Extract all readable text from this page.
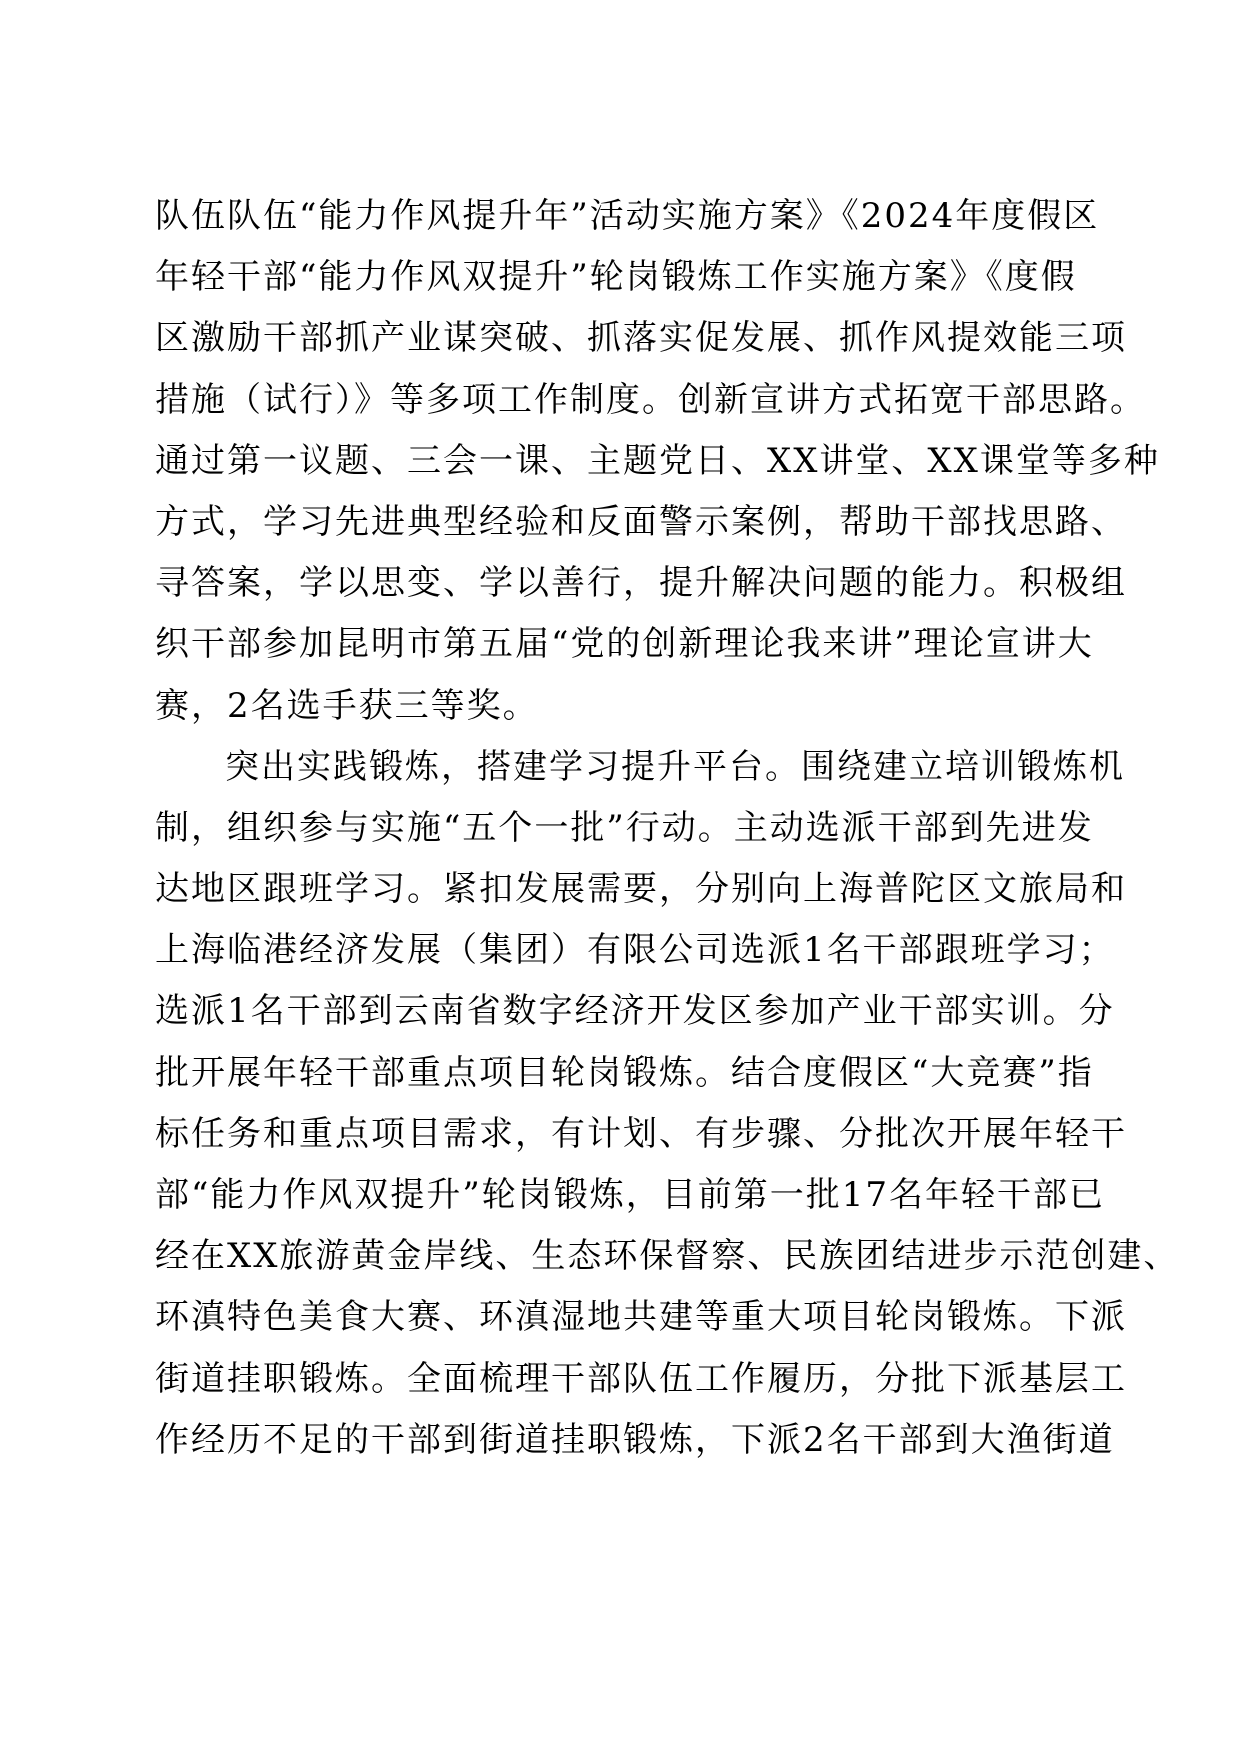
队伍队伍“能力作风提升年”活动实施方案》《2024年度假区
年轻干部“能力作风双提升”轮岗锻炼工作实施方案》《度假
区激励干部抓产业谋突破、抓落实促发展、抓作风提效能三项
措施（试行）》等多项工作制度。创新宣讲方式拓宽干部思路。
通过第一议题、三会一课、主题党日、XX讲堂、XX课堂等多种
方式，学习先进典型经验和反面警示案例，帮助干部找思路、
寻答案，学以思变、学以善行，提升解决问题的能力。积极组
织干部参加昆明市第五届“党的创新理论我来讲”理论宣讲大
赛，2名选手获三等奖。
突出实践锻炼，搭建学习提升平台。围绕建立培训锻炼机
制，组织参与实施“五个一批”行动。主动选派干部到先进发
达地区跟班学习。紧扣发展需要，分别向上海普陀区文旅局和
上海临港经济发展（集团）有限公司选派1名干部跟班学习；
选派1名干部到云南省数字经济开发区参加产业干部实训。分
批开展年轻干部重点项目轮岗锻炼。结合度假区“大竞赛”指
标任务和重点项目需求，有计划、有步骤、分批次开展年轻干
部“能力作风双提升”轮岗锻炼，目前第一批17名年轻干部已
经在XX旅游黄金岸线、生态环保督察、民族团结进步示范创建、
环滇特色美食大赛、环滇湿地共建等重大项目轮岗锻炼。下派
街道挂职锻炼。全面梳理干部队伍工作履历，分批下派基层工
作经历不足的干部到街道挂职锻炼，下派2名干部到大渔街道
